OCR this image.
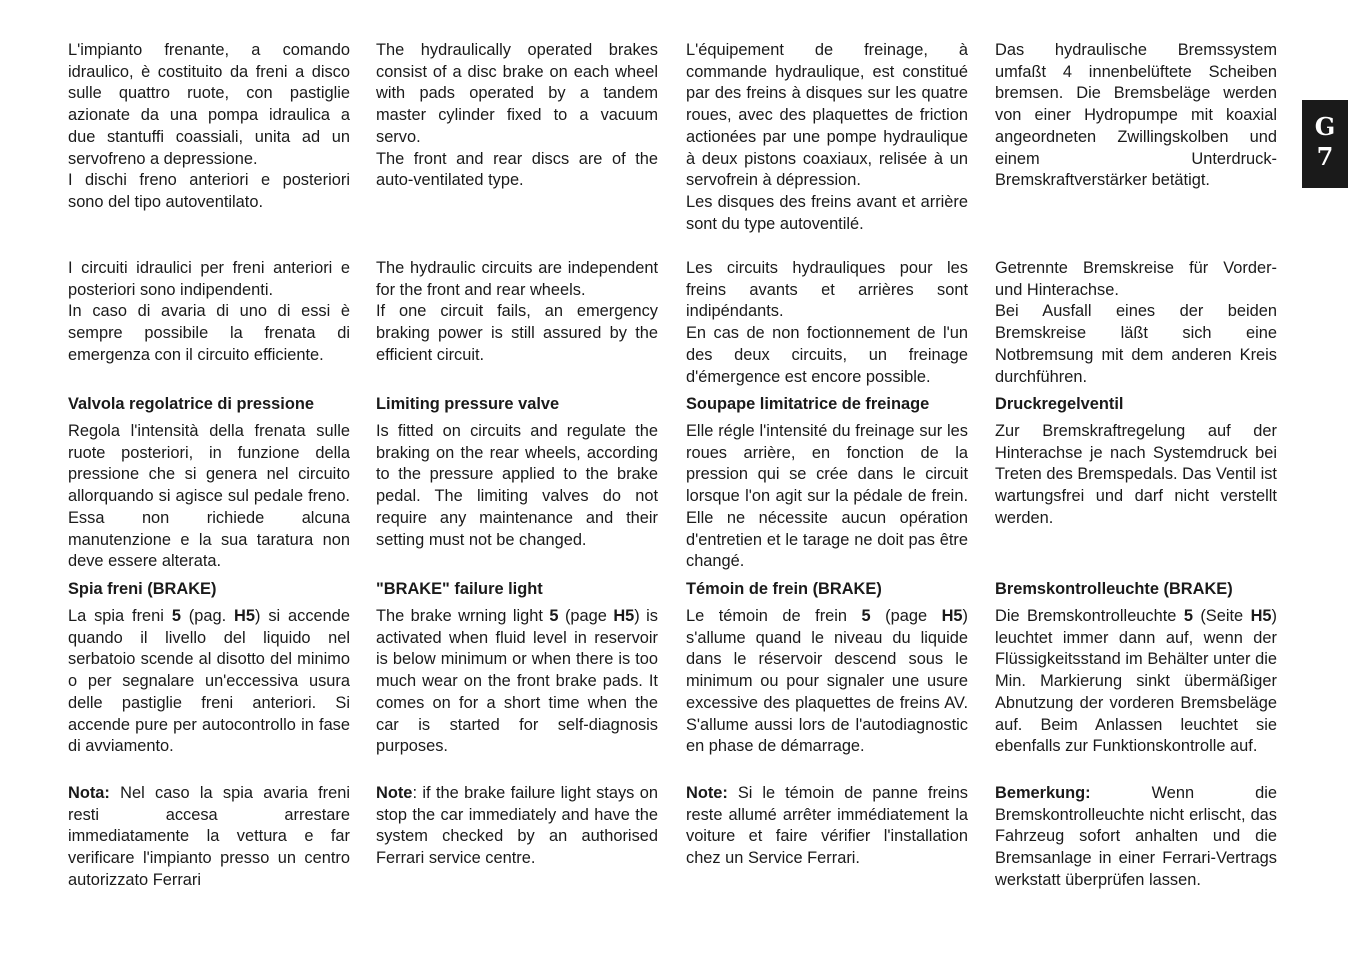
L'impianto frenante, a comando idraulico, è costituito da freni a disco sulle quattro ruote, con pastiglie azionate da una pompa idraulica a due stantuffi coassiali, unita ad un servofreno a depressione.
I dischi freno anteriori e posteriori sono del tipo autoventilato.
I circuiti idraulici per freni anteriori e posteriori sono indipendenti.
In caso di avaria di uno di essi è sempre possibile la frenata di emergenza con il circuito efficiente.
Valvola regolatrice di pressione
Regola l'intensità della frenata sulle ruote posteriori, in funzione della pressione che si genera nel circuito allorquando si agisce sul pedale freno. Essa non richiede alcuna manutenzione e la sua taratura non deve essere alterata.
Spia freni (BRAKE)
La spia freni 5 (pag. H5) si accende quando il livello del liquido nel serbatoio scende al disotto del minimo o per segnalare un'eccessiva usura delle pastiglie freni anteriori. Si accende pure per autocontrollo in fase di avviamento.
Nota: Nel caso la spia avaria freni resti accesa arrestare immediatamente la vettura e far verificare l'impianto presso un centro autorizzato Ferrari
The hydraulically operated brakes consist of a disc brake on each wheel with pads operated by a tandem master cylinder fixed to a vacuum servo.
The front and rear discs are of the auto-ventilated type.
The hydraulic circuits are independent for the front and rear wheels.
If one circuit fails, an emergency braking power is still assured by the efficient circuit.
Limiting pressure valve
Is fitted on circuits and regulate the braking on the rear wheels, according to the pressure applied to the brake pedal. The limiting valves do not require any maintenance and their setting must not be changed.
"BRAKE" failure light
The brake wrning light 5 (page H5) is activated when fluid level in reservoir is below minimum or when there is too much wear on the front brake pads. It comes on for a short time when the car is started for self-diagnosis purposes.
Note: if the brake failure light stays on stop the car immediately and have the system checked by an authorised Ferrari service centre.
L'équipement de freinage, à commande hydraulique, est constitué par des freins à disques sur les quatre roues, avec des plaquettes de friction actionées par une pompe hydraulique à deux pistons coaxiaux, relisée à un servofrein à dépression.
Les disques des freins avant et arrière sont du type autoventilé.
Les circuits hydrauliques pour les freins avants et arrières sont indipéndants.
En cas de non foctionnement de l'un des deux circuits, un freinage d'émergence est encore possible.
Soupape limitatrice de freinage
Elle régle l'intensité du freinage sur les roues arrière, en fonction de la pression qui se crée dans le circuit lorsque l'on agit sur la pédale de frein. Elle ne nécessite aucun opération d'entretien et le tarage ne doit pas être changé.
Témoin de frein (BRAKE)
Le témoin de frein 5 (page H5) s'allume quand le niveau du liquide dans le réservoir descend sous le minimum ou pour signaler une usure excessive des plaquettes de freins AV. S'allume aussi lors de l'autodiagnostic en phase de démarrage.
Note: Si le témoin de panne freins reste allumé arrêter immédiatement la voiture et faire vérifier l'installation chez un Service Ferrari.
Das hydraulische Bremssystem umfaßt 4 innenbelüftete Scheiben bremsen. Die Bremsbeläge werden von einer Hydropumpe mit koaxial angeordneten Zwillingskolben und einem Unterdruck-Bremskraftverstärker betätigt.
Getrennte Bremskreise für Vorder- und Hinterachse.
Bei Ausfall eines der beiden Bremskreise läßt sich eine Notbremsung mit dem anderen Kreis durchführen.
Druckregelventil
Zur Bremskraftregelung auf der Hinterachse je nach Systemdruck bei Treten des Bremspedals. Das Ventil ist wartungsfrei und darf nicht verstellt werden.
Bremskontrolleuchte (BRAKE)
Die Bremskontrolleuchte 5 (Seite H5) leuchtet immer dann auf, wenn der Flüssigkeitsstand im Behälter unter die Min. Markierung sinkt übermäßiger Abnutzung der vorderen Bremsbeläge auf. Beim Anlassen leuchtet sie ebenfalls zur Funktionskontrolle auf.
Bemerkung: Wenn die Bremskontrolleuchte nicht erlischt, das Fahrzeug sofort anhalten und die Bremsanlage in einer Ferrari-Vertrags werkstatt überprüfen lassen.
G
7
